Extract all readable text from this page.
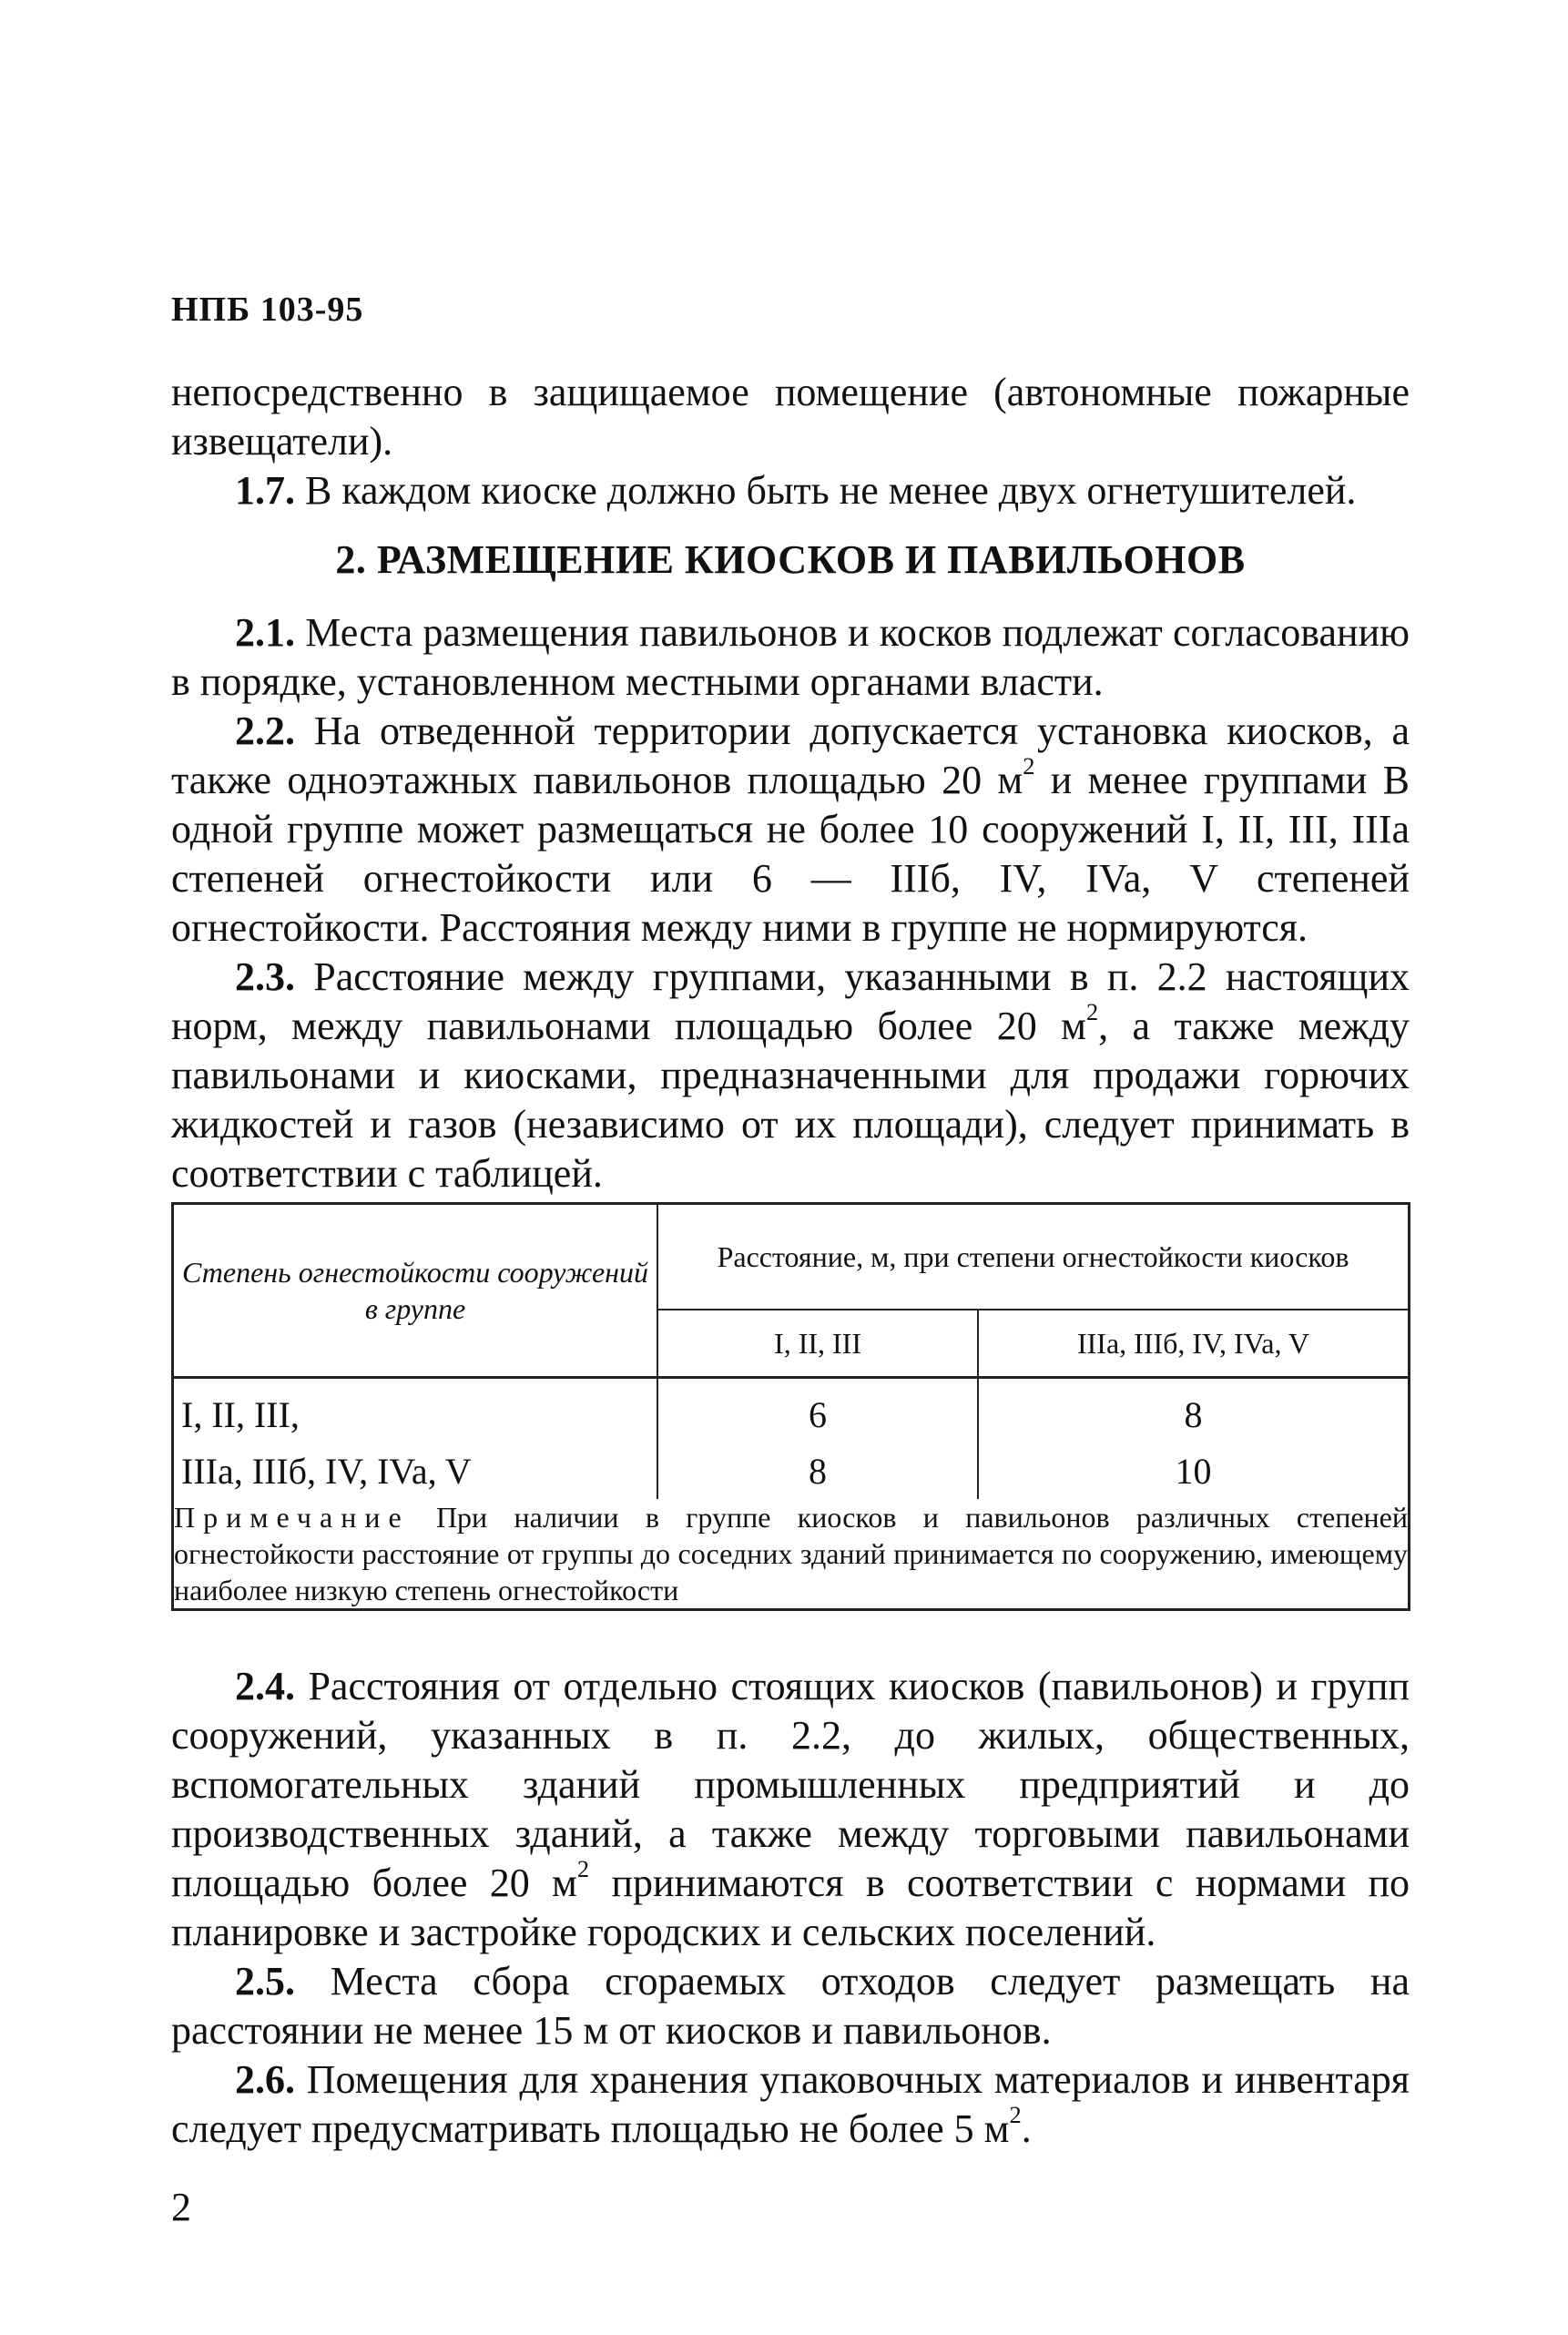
НПБ 103-95

непосредственно в защищаемое помещение (автономные пожарные извещатели).

1.7. В каждом киоске должно быть не менее двух огнетушителей.

2. РАЗМЕЩЕНИЕ КИОСКОВ И ПАВИЛЬОНОВ

2.1. Места размещения павильонов и косков подлежат согласованию в порядке, установленном местными органами власти.

2.2. На отведенной территории допускается установка киосков, а также одноэтажных павильонов площадью 20 $м^2$ и менее группами В одной группе может размещаться не более 10 сооружений I, II, III, IIIa степеней огнестойкости или 6 — IIIб, IV, IVa, V степеней огнестойкости. Расстояния между ними в группе не нормируются.

2.3. Расстояние между группами, указанными в п. 2.2 настоящих норм, между павильонами площадью более 20 $м^2$, а также между павильонами и киосками, предназначенными для продажи горючих жидкостей и газов (независимо от их площади), следует принимать в соответствии с таблицей.

Степень огнестойкости сооружений в группе	Расстояние, м, при степени огнестойкости киосков	
	I, II, III	IIIa, IIIб, IV, IVa, V
I, II, III,	6	8
IIIa, IIIб, IV, IVa, V	8	10
Примечание При наличии в группе киосков и павильонов различных степеней огнестойкости расстояние от группы до соседних зданий принимается по сооружению, имеющему наиболее низкую степень огнестойкости		

2.4. Расстояния от отдельно стоящих киосков (павильонов) и групп сооружений, указанных в п. 2.2, до жилых, общественных, вспомогательных зданий промышленных предприятий и до производственных зданий, а также между торговыми павильонами площадью более 20 $м^2$ принимаются в соответствии с нормами по планировке и застройке городских и сельских поселений.

2.5. Места сбора сгораемых отходов следует размещать на расстоянии не менее 15 м от киосков и павильонов.

2.6. Помещения для хранения упаковочных материалов и инвентаря следует предусматривать площадью не более 5 $м^2$.

2
